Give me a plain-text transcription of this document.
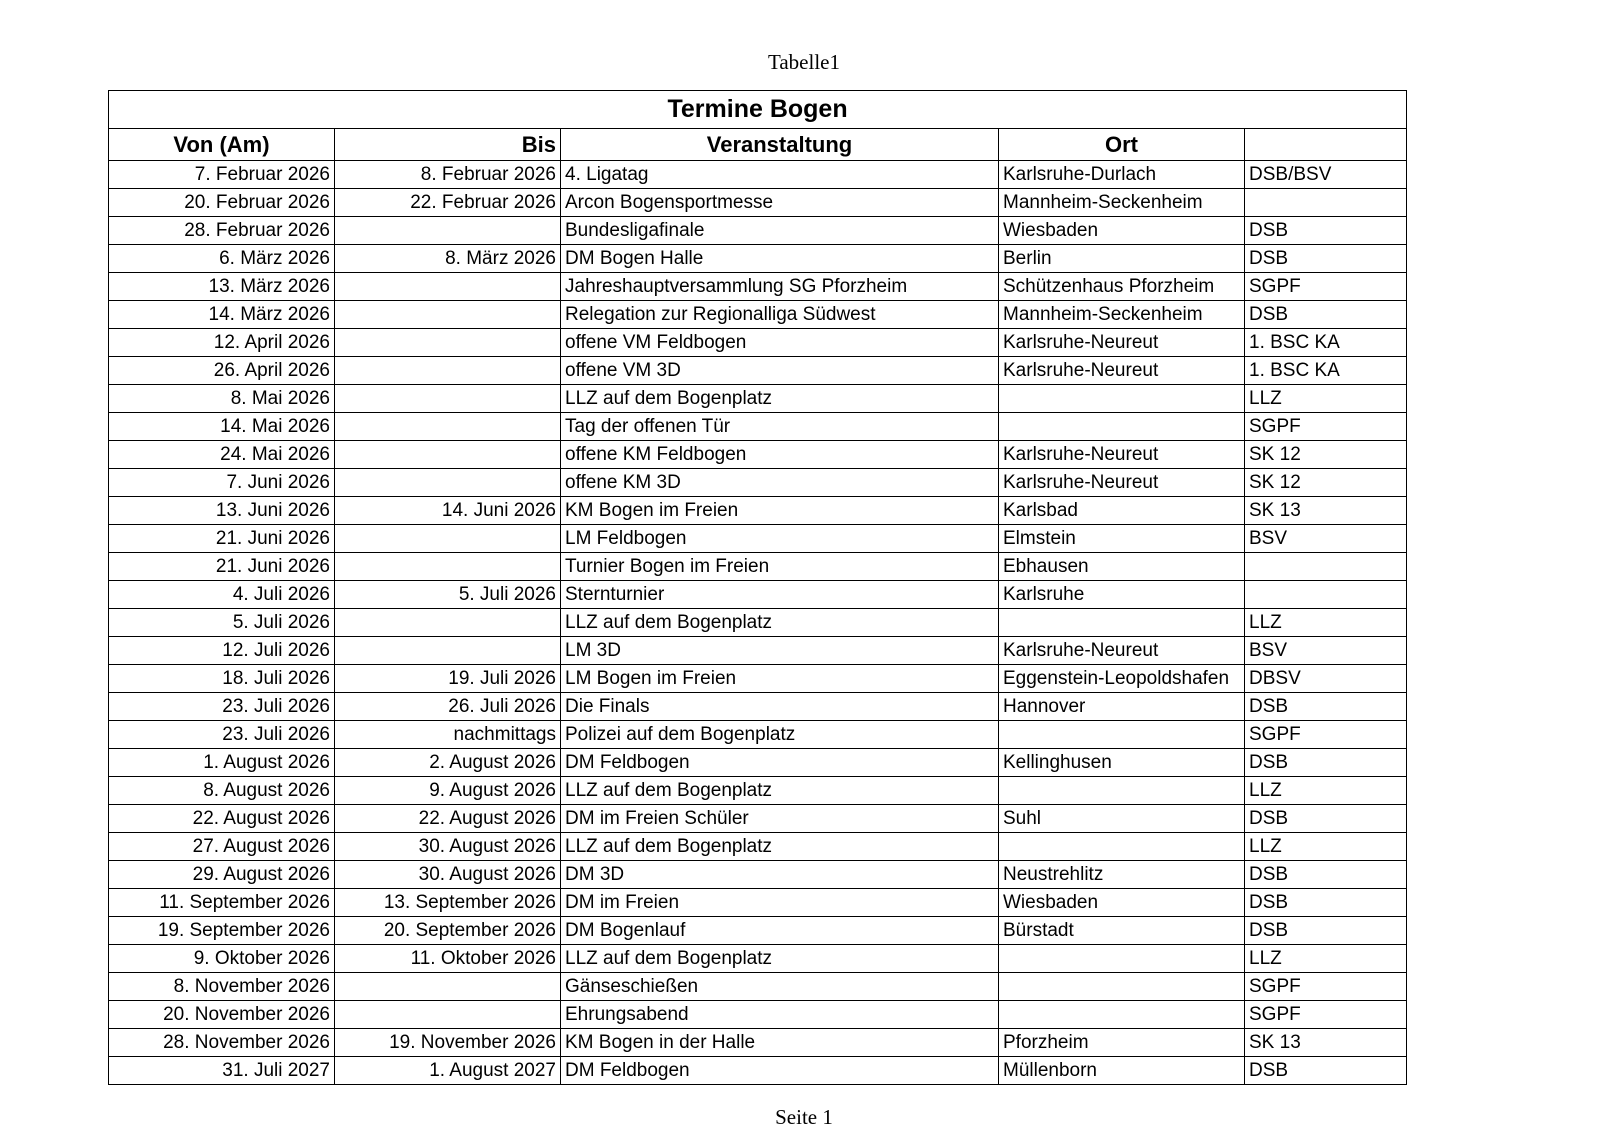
Tabelle1
Termine Bogen				
Von (Am)	Bis	Veranstaltung	Ort	
7. Februar 2026	8. Februar 2026	4. Ligatag	Karlsruhe-Durlach	DSB/BSV
20. Februar 2026	22. Februar 2026	Arcon Bogensportmesse	Mannheim-Seckenheim	
28. Februar 2026		Bundesligafinale	Wiesbaden	DSB
6. März 2026	8. März 2026	DM Bogen Halle	Berlin	DSB
13. März 2026		Jahreshauptversammlung SG Pforzheim	Schützenhaus Pforzheim	SGPF
14. März 2026		Relegation zur Regionalliga Südwest	Mannheim-Seckenheim	DSB
12. April 2026		offene VM Feldbogen	Karlsruhe-Neureut	1. BSC KA
26. April 2026		offene VM 3D	Karlsruhe-Neureut	1. BSC KA
8. Mai 2026		LLZ auf dem Bogenplatz		LLZ
14. Mai 2026		Tag der offenen Tür		SGPF
24. Mai 2026		offene KM Feldbogen	Karlsruhe-Neureut	SK 12
7. Juni 2026		offene KM 3D	Karlsruhe-Neureut	SK 12
13. Juni 2026	14. Juni 2026	KM Bogen im Freien	Karlsbad	SK 13
21. Juni 2026		LM Feldbogen	Elmstein	BSV
21. Juni 2026		Turnier Bogen im Freien	Ebhausen	
4. Juli 2026	5. Juli 2026	Sternturnier	Karlsruhe	
5. Juli 2026		LLZ auf dem Bogenplatz		LLZ
12. Juli 2026		LM 3D	Karlsruhe-Neureut	BSV
18. Juli 2026	19. Juli 2026	LM Bogen im Freien	Eggenstein-Leopoldshafen	DBSV
23. Juli 2026	26. Juli 2026	Die Finals	Hannover	DSB
23. Juli 2026	nachmittags	Polizei auf dem Bogenplatz		SGPF
1. August 2026	2. August 2026	DM Feldbogen	Kellinghusen	DSB
8. August 2026	9. August 2026	LLZ auf dem Bogenplatz		LLZ
22. August 2026	22. August 2026	DM im Freien Schüler	Suhl	DSB
27. August 2026	30. August 2026	LLZ auf dem Bogenplatz		LLZ
29. August 2026	30. August 2026	DM 3D	Neustrehlitz	DSB
11. September 2026	13. September 2026	DM im Freien	Wiesbaden	DSB
19. September 2026	20. September 2026	DM Bogenlauf	Bürstadt	DSB
9. Oktober 2026	11. Oktober 2026	LLZ auf dem Bogenplatz		LLZ
8. November 2026		Gänseschießen		SGPF
20. November 2026		Ehrungsabend		SGPF
28. November 2026	19. November 2026	KM Bogen in der Halle	Pforzheim	SK 13
31. Juli 2027	1. August 2027	DM Feldbogen	Müllenborn	DSB
Seite 1
